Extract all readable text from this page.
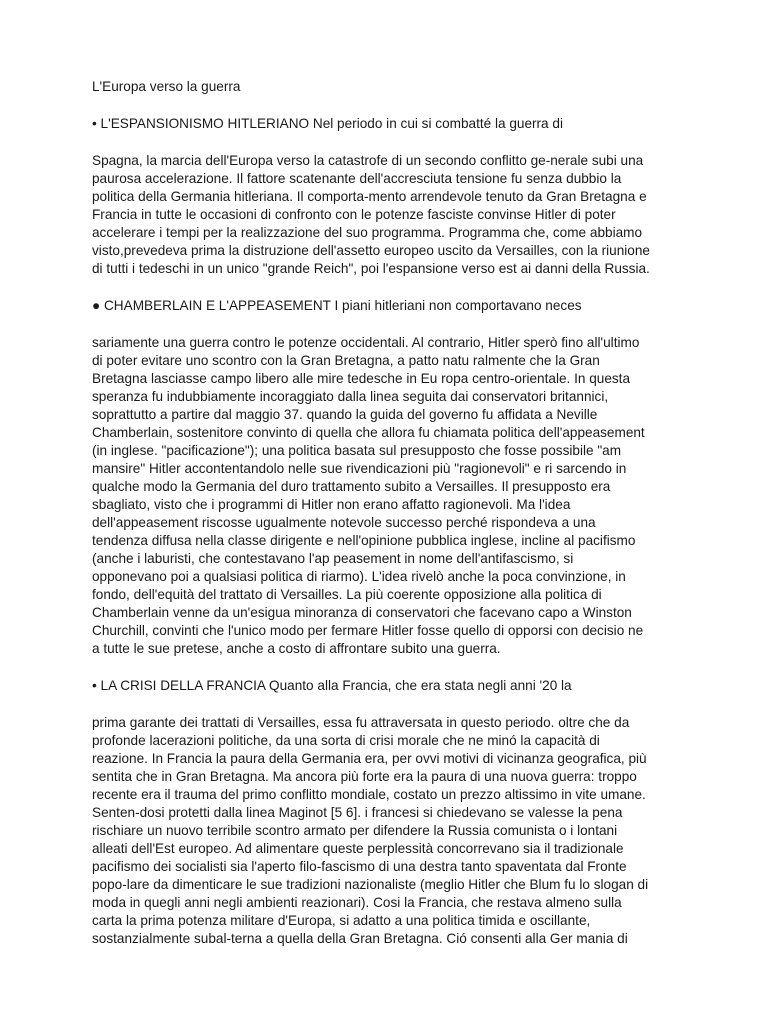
L'Europa verso la guerra

• L'ESPANSIONISMO HITLERIANO Nel periodo in cui si combatté la guerra di

Spagna, la marcia dell'Europa verso la catastrofe di un secondo conflitto ge-nerale subi una

paurosa accelerazione. Il fattore scatenante dell'accresciuta tensione fu senza dubbio la

politica della Germania hitleriana. Il comporta-mento arrendevole tenuto da Gran Bretagna e

Francia in tutte le occasioni di confronto con le potenze fasciste convinse Hitler di poter

accelerare i tempi per la realizzazione del suo programma. Programma che, come abbiamo

visto,prevedeva prima la distruzione dell'assetto europeo uscito da Versailles, con la riunione

di tutti i tedeschi in un unico "grande Reich", poi l'espansione verso est ai danni della Russia.

● CHAMBERLAIN E L'APPEASEMENT I piani hitleriani non comportavano neces

sariamente una guerra contro le potenze occidentali. Al contrario, Hitler sperò fino all'ultimo

di poter evitare uno scontro con la Gran Bretagna, a patto natu ralmente che la Gran

Bretagna lasciasse campo libero alle mire tedesche in Eu ropa centro-orientale. In questa

speranza fu indubbiamente incoraggiato dalla linea seguita dai conservatori britannici,

soprattutto a partire dal maggio 37. quando la guida del governo fu affidata a Neville

Chamberlain, sostenitore convinto di quella che allora fu chiamata politica dell'appeasement

(in inglese. "pacificazione"); una politica basata sul presupposto che fosse possibile "am

mansire" Hitler accontentandolo nelle sue rivendicazioni più "ragionevoli" e ri sarcendo in

qualche modo la Germania del duro trattamento subito a Versailles. Il presupposto era

sbagliato, visto che i programmi di Hitler non erano affatto ragionevoli. Ma l'idea

dell'appeasement riscosse ugualmente notevole successo perché rispondeva a una

tendenza diffusa nella classe dirigente e nell'opinione pubblica inglese, incline al pacifismo

(anche i laburisti, che contestavano l'ap peasement in nome dell'antifascismo, si

opponevano poi a qualsiasi politica di riarmo). L'idea rivelò anche la poca convinzione, in

fondo, dell'equità del trattato di Versailles. La più coerente opposizione alla politica di

Chamberlain venne da un'esigua minoranza di conservatori che facevano capo a Winston

Churchill, convinti che l'unico modo per fermare Hitler fosse quello di opporsi con decisio ne

a tutte le sue pretese, anche a costo di affrontare subito una guerra.

• LA CRISI DELLA FRANCIA Quanto alla Francia, che era stata negli anni '20 la

prima garante dei trattati di Versailles, essa fu attraversata in questo periodo. oltre che da

profonde lacerazioni politiche, da una sorta di crisi morale che ne minó la capacità di

reazione. In Francia la paura della Germania era, per ovvi motivi di vicinanza geografica, più

sentita che in Gran Bretagna. Ma ancora più forte era la paura di una nuova guerra: troppo

recente era il trauma del primo conflitto mondiale, costato un prezzo altissimo in vite umane.

Senten-dosi protetti dalla linea Maginot [5 6]. i francesi si chiedevano se valesse la pena

rischiare un nuovo terribile scontro armato per difendere la Russia comunista o i lontani

alleati dell'Est europeo. Ad alimentare queste perplessità concorrevano sia il tradizionale

pacifismo dei socialisti sia l'aperto filo-fascismo di una destra tanto spaventata dal Fronte

popo-lare da dimenticare le sue tradizioni nazionaliste (meglio Hitler che Blum fu lo slogan di

moda in quegli anni negli ambienti reazionari). Cosi la Francia, che restava almeno sulla

carta la prima potenza militare d'Europa, si adatto a una politica timida e oscillante,

sostanzialmente subal-terna a quella della Gran Bretagna. Ció consenti alla Ger mania di
